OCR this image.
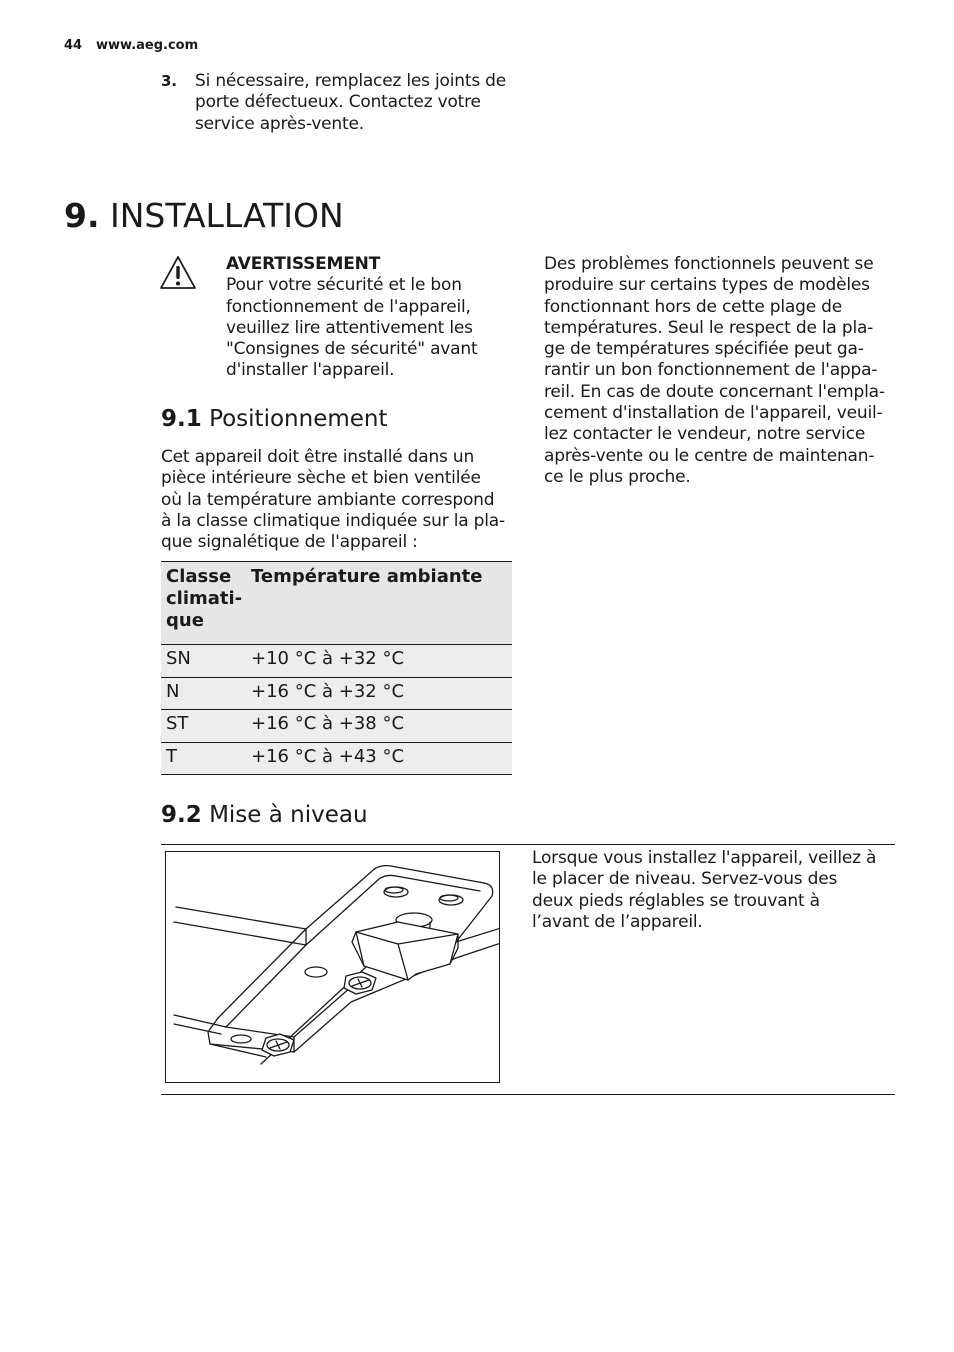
44 www.aeg.com
3. Si nécessaire, remplacez les joints de
porte défectueux. Contactez votre
service après-vente.
9. INSTALLATION
AVERTISSEMENT
Pour votre sécurité et le bon
fonctionnement de l'appareil,
veuillez lire attentivement les
"Consignes de sécurité" avant
d'installer l'appareil.
Des problèmes fonctionnels peuvent se
produire sur certains types de modèles
fonctionnant hors de cette plage de
températures. Seul le respect de la pla-
ge de températures spécifiée peut ga-
rantir un bon fonctionnement de l'appa-
reil. En cas de doute concernant l'empla-
cement d'installation de l'appareil, veuil-
lez contacter le vendeur, notre service
après-vente ou le centre de maintenan-
ce le plus proche.
9.1 Positionnement
Cet appareil doit être installé dans un
pièce intérieure sèche et bien ventilée
où la température ambiante correspond
à la classe climatique indiquée sur la pla-
que signalétique de l'appareil :
Classe
climati-
que	Température ambiante
SN	+10 °C à +32 °C
N	+16 °C à +32 °C
ST	+16 °C à +38 °C
T	+16 °C à +43 °C
9.2 Mise à niveau
Lorsque vous installez l'appareil, veillez à
le placer de niveau. Servez-vous des
deux pieds réglables se trouvant à
l’avant de l’appareil.
